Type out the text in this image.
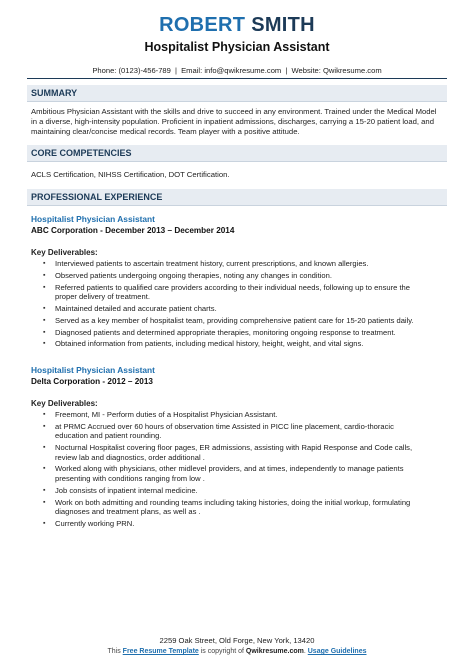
ROBERT SMITH
Hospitalist Physician Assistant
Phone: (0123)-456-789 | Email: info@qwikresume.com | Website: Qwikresume.com
SUMMARY
Ambitious Physician Assistant with the skills and drive to succeed in any environment. Trained under the Medical Model in a diverse, high-intensity population. Proficient in inpatient admissions, discharges, carrying a 15-20 patient load, and maintaining clear/concise medical records. Team player with a positive attitude.
CORE COMPETENCIES
ACLS Certification, NIHSS Certification, DOT Certification.
PROFESSIONAL EXPERIENCE
Hospitalist Physician Assistant
ABC Corporation - December 2013 – December 2014
Key Deliverables:
▪ Interviewed patients to ascertain treatment history, current prescriptions, and known allergies.
▪ Observed patients undergoing ongoing therapies, noting any changes in condition.
▪ Referred patients to qualified care providers according to their individual needs, following up to ensure the proper delivery of treatment.
▪ Maintained detailed and accurate patient charts.
▪ Served as a key member of hospitalist team, providing comprehensive patient care for 15-20 patients daily.
▪ Diagnosed patients and determined appropriate therapies, monitoring ongoing response to treatment.
▪ Obtained information from patients, including medical history, height, weight, and vital signs.
Hospitalist Physician Assistant
Delta Corporation - 2012 – 2013
Key Deliverables:
▪ Freemont, MI - Perform duties of a Hospitalist Physician Assistant.
▪ at PRMC Accrued over 60 hours of observation time Assisted in PICC line placement, cardio-thoracic education and patient rounding.
▪ Nocturnal Hospitalist covering floor pages, ER admissions, assisting with Rapid Response and Code calls, review lab and diagnostics, order additional .
▪ Worked along with physicians, other midlevel providers, and at times, independently to manage patients presenting with conditions ranging from low .
▪ Job consists of inpatient internal medicine.
▪ Work on both admitting and rounding teams including taking histories, doing the initial workup, formulating diagnoses and treatment plans, as well as .
▪ Currently working PRN.
2259 Oak Street, Old Forge, New York, 13420
This Free Resume Template is copyright of Qwikresume.com. Usage Guidelines
